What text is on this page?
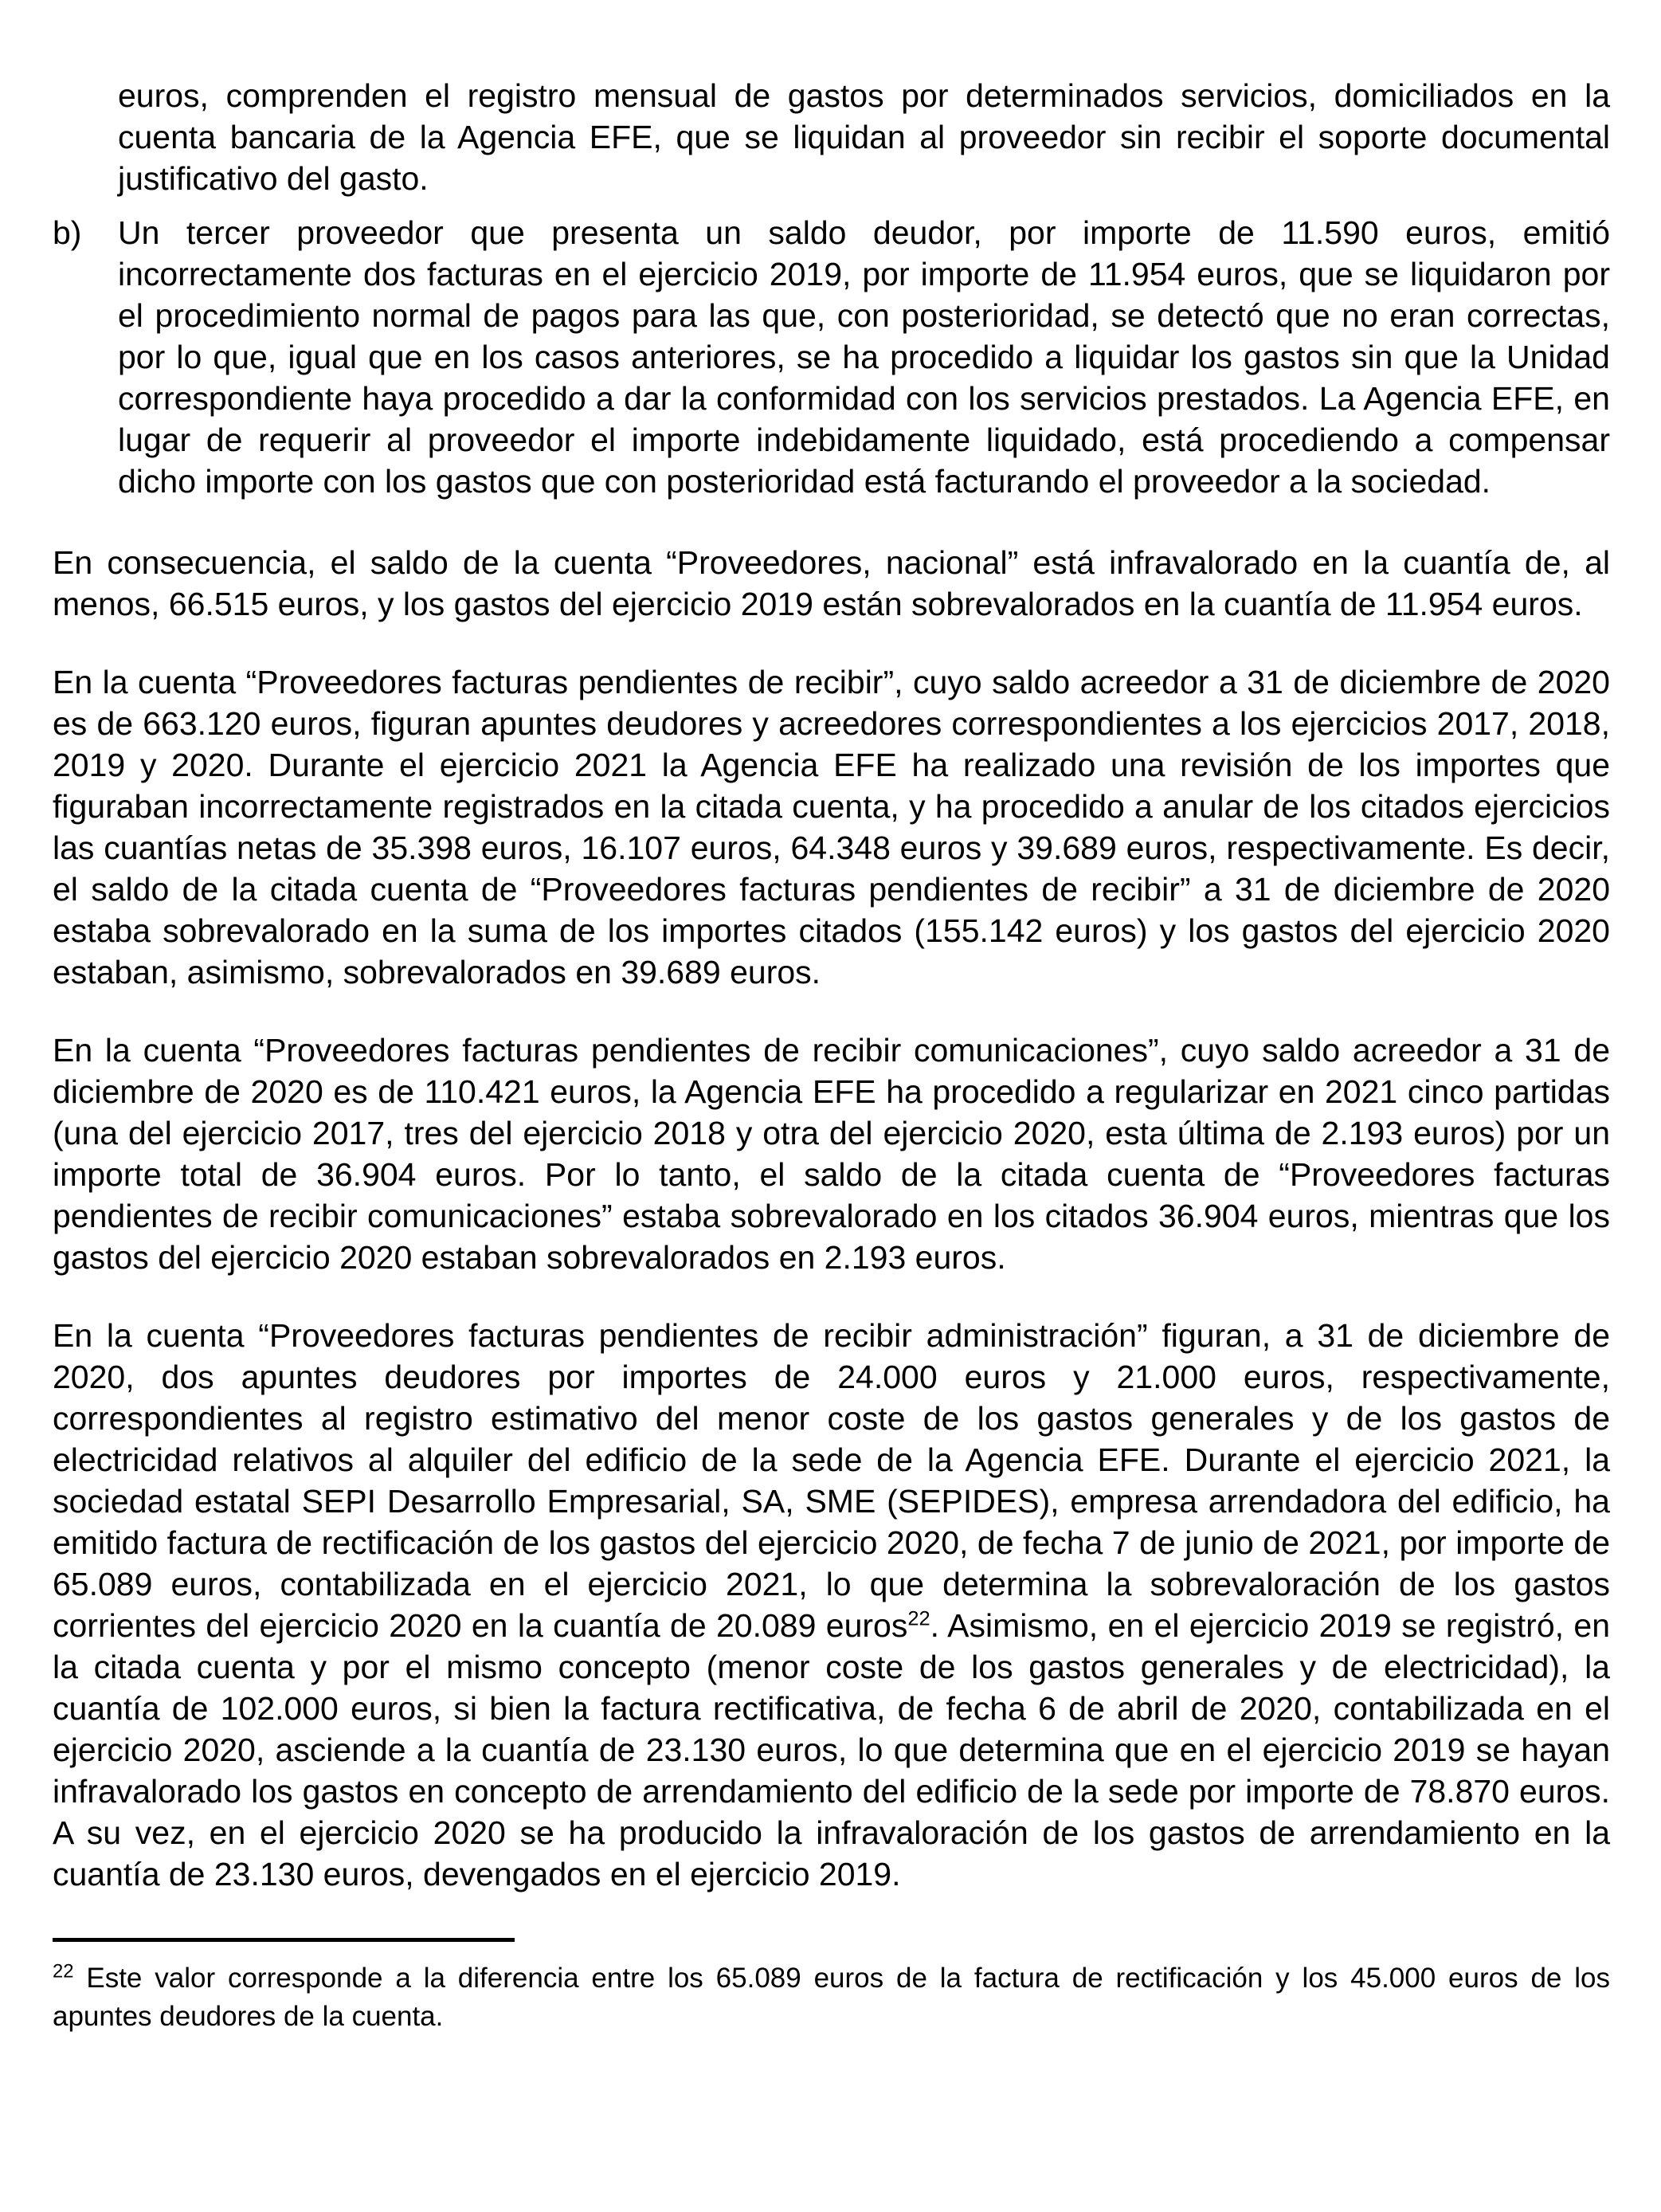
euros, comprenden el registro mensual de gastos por determinados servicios, domiciliados en la cuenta bancaria de la Agencia EFE, que se liquidan al proveedor sin recibir el soporte documental justificativo del gasto.

b) Un tercer proveedor que presenta un saldo deudor, por importe de 11.590 euros, emitió incorrectamente dos facturas en el ejercicio 2019, por importe de 11.954 euros, que se liquidaron por el procedimiento normal de pagos para las que, con posterioridad, se detectó que no eran correctas, por lo que, igual que en los casos anteriores, se ha procedido a liquidar los gastos sin que la Unidad correspondiente haya procedido a dar la conformidad con los servicios prestados. La Agencia EFE, en lugar de requerir al proveedor el importe indebidamente liquidado, está procediendo a compensar dicho importe con los gastos que con posterioridad está facturando el proveedor a la sociedad.

En consecuencia, el saldo de la cuenta “Proveedores, nacional” está infravalorado en la cuantía de, al menos, 66.515 euros, y los gastos del ejercicio 2019 están sobrevalorados en la cuantía de 11.954 euros.

En la cuenta “Proveedores facturas pendientes de recibir”, cuyo saldo acreedor a 31 de diciembre de 2020 es de 663.120 euros, figuran apuntes deudores y acreedores correspondientes a los ejercicios 2017, 2018, 2019 y 2020. Durante el ejercicio 2021 la Agencia EFE ha realizado una revisión de los importes que figuraban incorrectamente registrados en la citada cuenta, y ha procedido a anular de los citados ejercicios las cuantías netas de 35.398 euros, 16.107 euros, 64.348 euros y 39.689 euros, respectivamente. Es decir, el saldo de la citada cuenta de “Proveedores facturas pendientes de recibir” a 31 de diciembre de 2020 estaba sobrevalorado en la suma de los importes citados (155.142 euros) y los gastos del ejercicio 2020 estaban, asimismo, sobrevalorados en 39.689 euros.

En la cuenta “Proveedores facturas pendientes de recibir comunicaciones”, cuyo saldo acreedor a 31 de diciembre de 2020 es de 110.421 euros, la Agencia EFE ha procedido a regularizar en 2021 cinco partidas (una del ejercicio 2017, tres del ejercicio 2018 y otra del ejercicio 2020, esta última de 2.193 euros) por un importe total de 36.904 euros. Por lo tanto, el saldo de la citada cuenta de “Proveedores facturas pendientes de recibir comunicaciones” estaba sobrevalorado en los citados 36.904 euros, mientras que los gastos del ejercicio 2020 estaban sobrevalorados en 2.193 euros.

En la cuenta “Proveedores facturas pendientes de recibir administración” figuran, a 31 de diciembre de 2020, dos apuntes deudores por importes de 24.000 euros y 21.000 euros, respectivamente, correspondientes al registro estimativo del menor coste de los gastos generales y de los gastos de electricidad relativos al alquiler del edificio de la sede de la Agencia EFE. Durante el ejercicio 2021, la sociedad estatal SEPI Desarrollo Empresarial, SA, SME (SEPIDES), empresa arrendadora del edificio, ha emitido factura de rectificación de los gastos del ejercicio 2020, de fecha 7 de junio de 2021, por importe de 65.089 euros, contabilizada en el ejercicio 2021, lo que determina la sobrevaloración de los gastos corrientes del ejercicio 2020 en la cuantía de 20.089 euros$^{22}$. Asimismo, en el ejercicio 2019 se registró, en la citada cuenta y por el mismo concepto (menor coste de los gastos generales y de electricidad), la cuantía de 102.000 euros, si bien la factura rectificativa, de fecha 6 de abril de 2020, contabilizada en el ejercicio 2020, asciende a la cuantía de 23.130 euros, lo que determina que en el ejercicio 2019 se hayan infravalorado los gastos en concepto de arrendamiento del edificio de la sede por importe de 78.870 euros. A su vez, en el ejercicio 2020 se ha producido la infravaloración de los gastos de arrendamiento en la cuantía de 23.130 euros, devengados en el ejercicio 2019.

$^{22}$ Este valor corresponde a la diferencia entre los 65.089 euros de la factura de rectificación y los 45.000 euros de los apuntes deudores de la cuenta.
